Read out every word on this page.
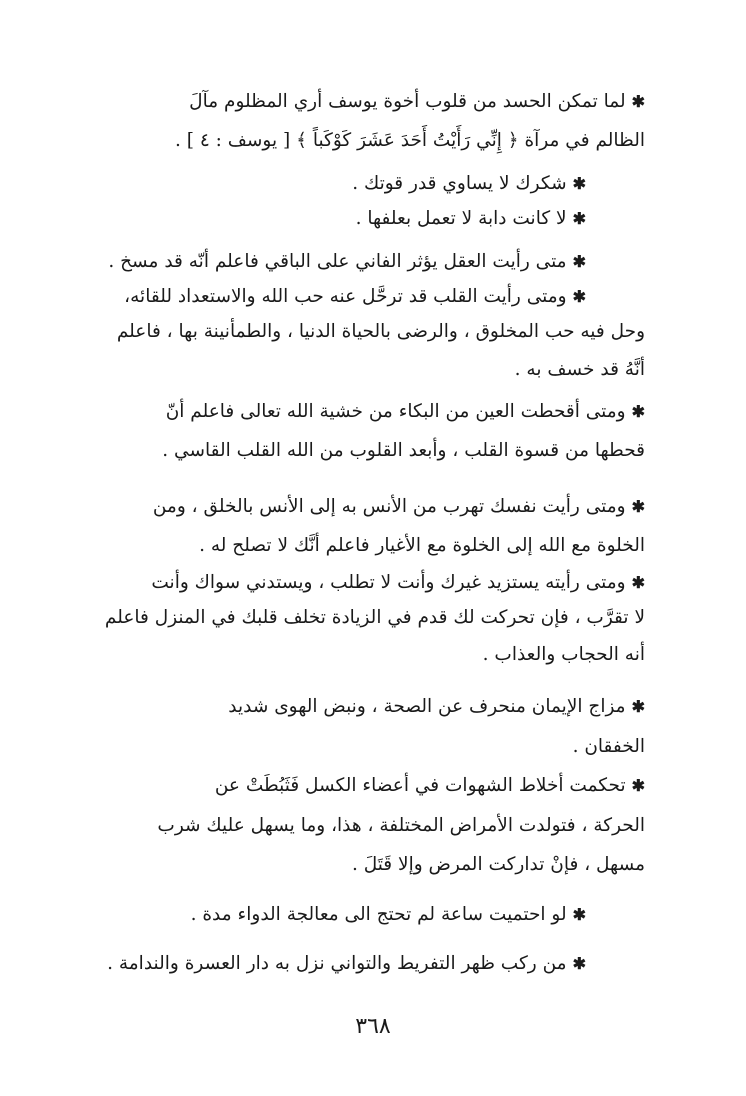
✱لما تمكن الحسد من قلوب أخوة يوسف أري المظلوم مآلَ
الظالم في مرآة ﴿ إِنِّي رَأَيْتُ أَحَدَ عَشَرَ كَوْكَباً ﴾ [ يوسف : ٤ ] .
✱شكرك لا يساوي قدر قوتك .
✱لا كانت دابة لا تعمل بعلفها .
✱متى رأيت العقل يؤثر الفاني على الباقي فاعلم أنّه قد مسخ .
✱ومتى رأيت القلب قد ترحَّل عنه حب الله والاستعداد للقائه،
وحل فيه حب المخلوق ، والرضى بالحياة الدنيا ، والطمأنينة بها ، فاعلم
أنَّهُ قد خسف به .
✱ومتى أقحطت العين من البكاء من خشية الله تعالى فاعلم أنّ
قحطها من قسوة القلب ، وأبعد القلوب من الله القلب القاسي .
✱ومتى رأيت نفسك تهرب من الأنس به إلى الأنس بالخلق ، ومن
الخلوة مع الله إلى الخلوة مع الأغيار فاعلم أنَّك لا تصلح له .
✱ومتى رأيته يستزيد غيرك وأنت لا تطلب ، ويستدني سواك وأنت
لا تقرَّب ، فإن تحركت لك قدم في الزيادة تخلف قلبك في المنزل فاعلم
أنه الحجاب والعذاب .
✱مزاج الإيمان منحرف عن الصحة ، ونبض الهوى شديد
الخفقان .
✱تحكمت أخلاط الشهوات في أعضاء الكسل فَثَبُطَتْ عن
الحركة ، فتولدت الأمراض المختلفة ، هذا، وما يسهل عليك شرب
مسهل ، فإنْ تداركت المرض وإلا قَتَلَ .
✱لو احتميت ساعة لم تحتج الى معالجة الدواء مدة .
✱من ركب ظهر التفريط والتواني نزل به دار العسرة والندامة .
٣٦٨
